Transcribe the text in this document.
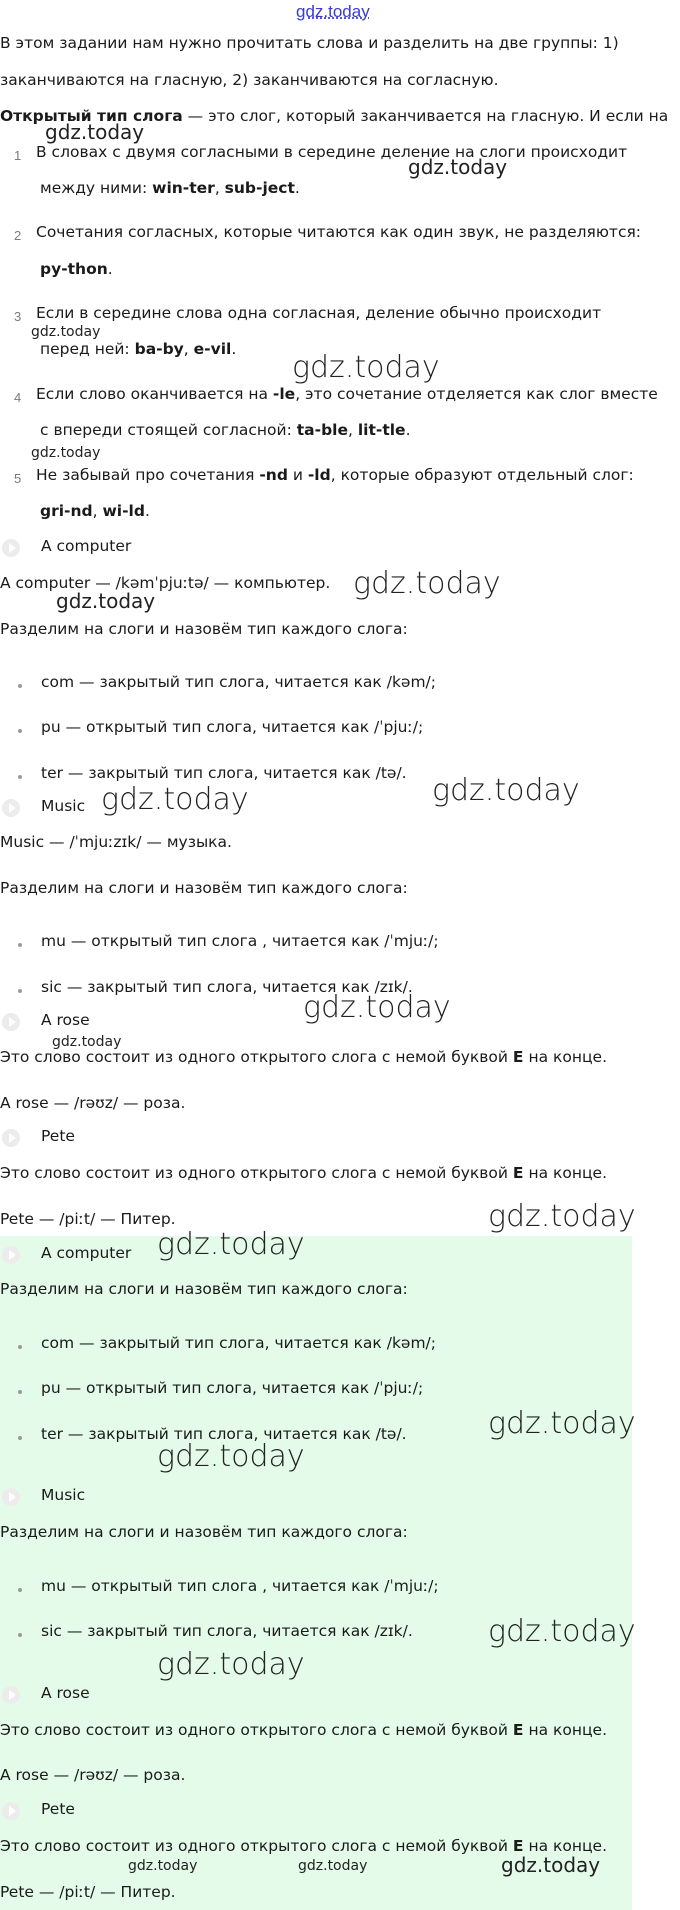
gdz.today
В этом задании нам нужно прочитать слова и разделить на две группы: 1)
заканчиваются на гласную, 2) заканчиваются на согласную.
Открытый тип слога — это слог, который заканчивается на гласную. И если на
1 В словах с двумя согласными в середине деление на слоги происходит
между ними: win-ter, sub-ject.
2 Сочетания согласных, которые читаются как один звук, не разделяются:
py-thon.
3 Если в середине слова одна согласная, деление обычно происходит
перед ней: ba-by, e-vil.
4 Если слово оканчивается на -le, это сочетание отделяется как слог вместе
с впереди стоящей согласной: ta-ble, lit-tle.
5 Не забывай про сочетания -nd и -ld, которые образуют отдельный слог:
gri-nd, wi-ld.
A computer
A computer — /kəmˈpjuːtə/ — компьютер.
Разделим на слоги и назовём тип каждого слога:
com — закрытый тип слога, читается как /kəm/;
pu — открытый тип слога, читается как /ˈpjuː/;
ter — закрытый тип слога, читается как /tə/.
Music
Music — /ˈmjuːzɪk/ — музыка.
Разделим на слоги и назовём тип каждого слога:
mu — открытый тип слога , читается как /ˈmjuː/;
sic — закрытый тип слога, читается как /zɪk/.
A rose
Это слово состоит из одного открытого слога с немой буквой E на конце.
A rose — /rəʊz/ — роза.
Pete
Это слово состоит из одного открытого слога с немой буквой E на конце.
Pete — /piːt/ — Питер.
A computer
Разделим на слоги и назовём тип каждого слога:
com — закрытый тип слога, читается как /kəm/;
pu — открытый тип слога, читается как /ˈpjuː/;
ter — закрытый тип слога, читается как /tə/.
Music
Разделим на слоги и назовём тип каждого слога:
mu — открытый тип слога , читается как /ˈmjuː/;
sic — закрытый тип слога, читается как /zɪk/.
A rose
Это слово состоит из одного открытого слога с немой буквой E на конце.
A rose — /rəʊz/ — роза.
Pete
Это слово состоит из одного открытого слога с немой буквой E на конце.
Pete — /piːt/ — Питер.
gdz.today
gdz.today
gdz.today
gdz.today
gdz.today
gdz.today
gdz.today
gdz.today	gdz.today
gdz.today
gdz.today
gdz.today
gdz.today
gdz.today
gdz.today
gdz.today
gdz.today
gdz.today	gdz.today	gdz.today
